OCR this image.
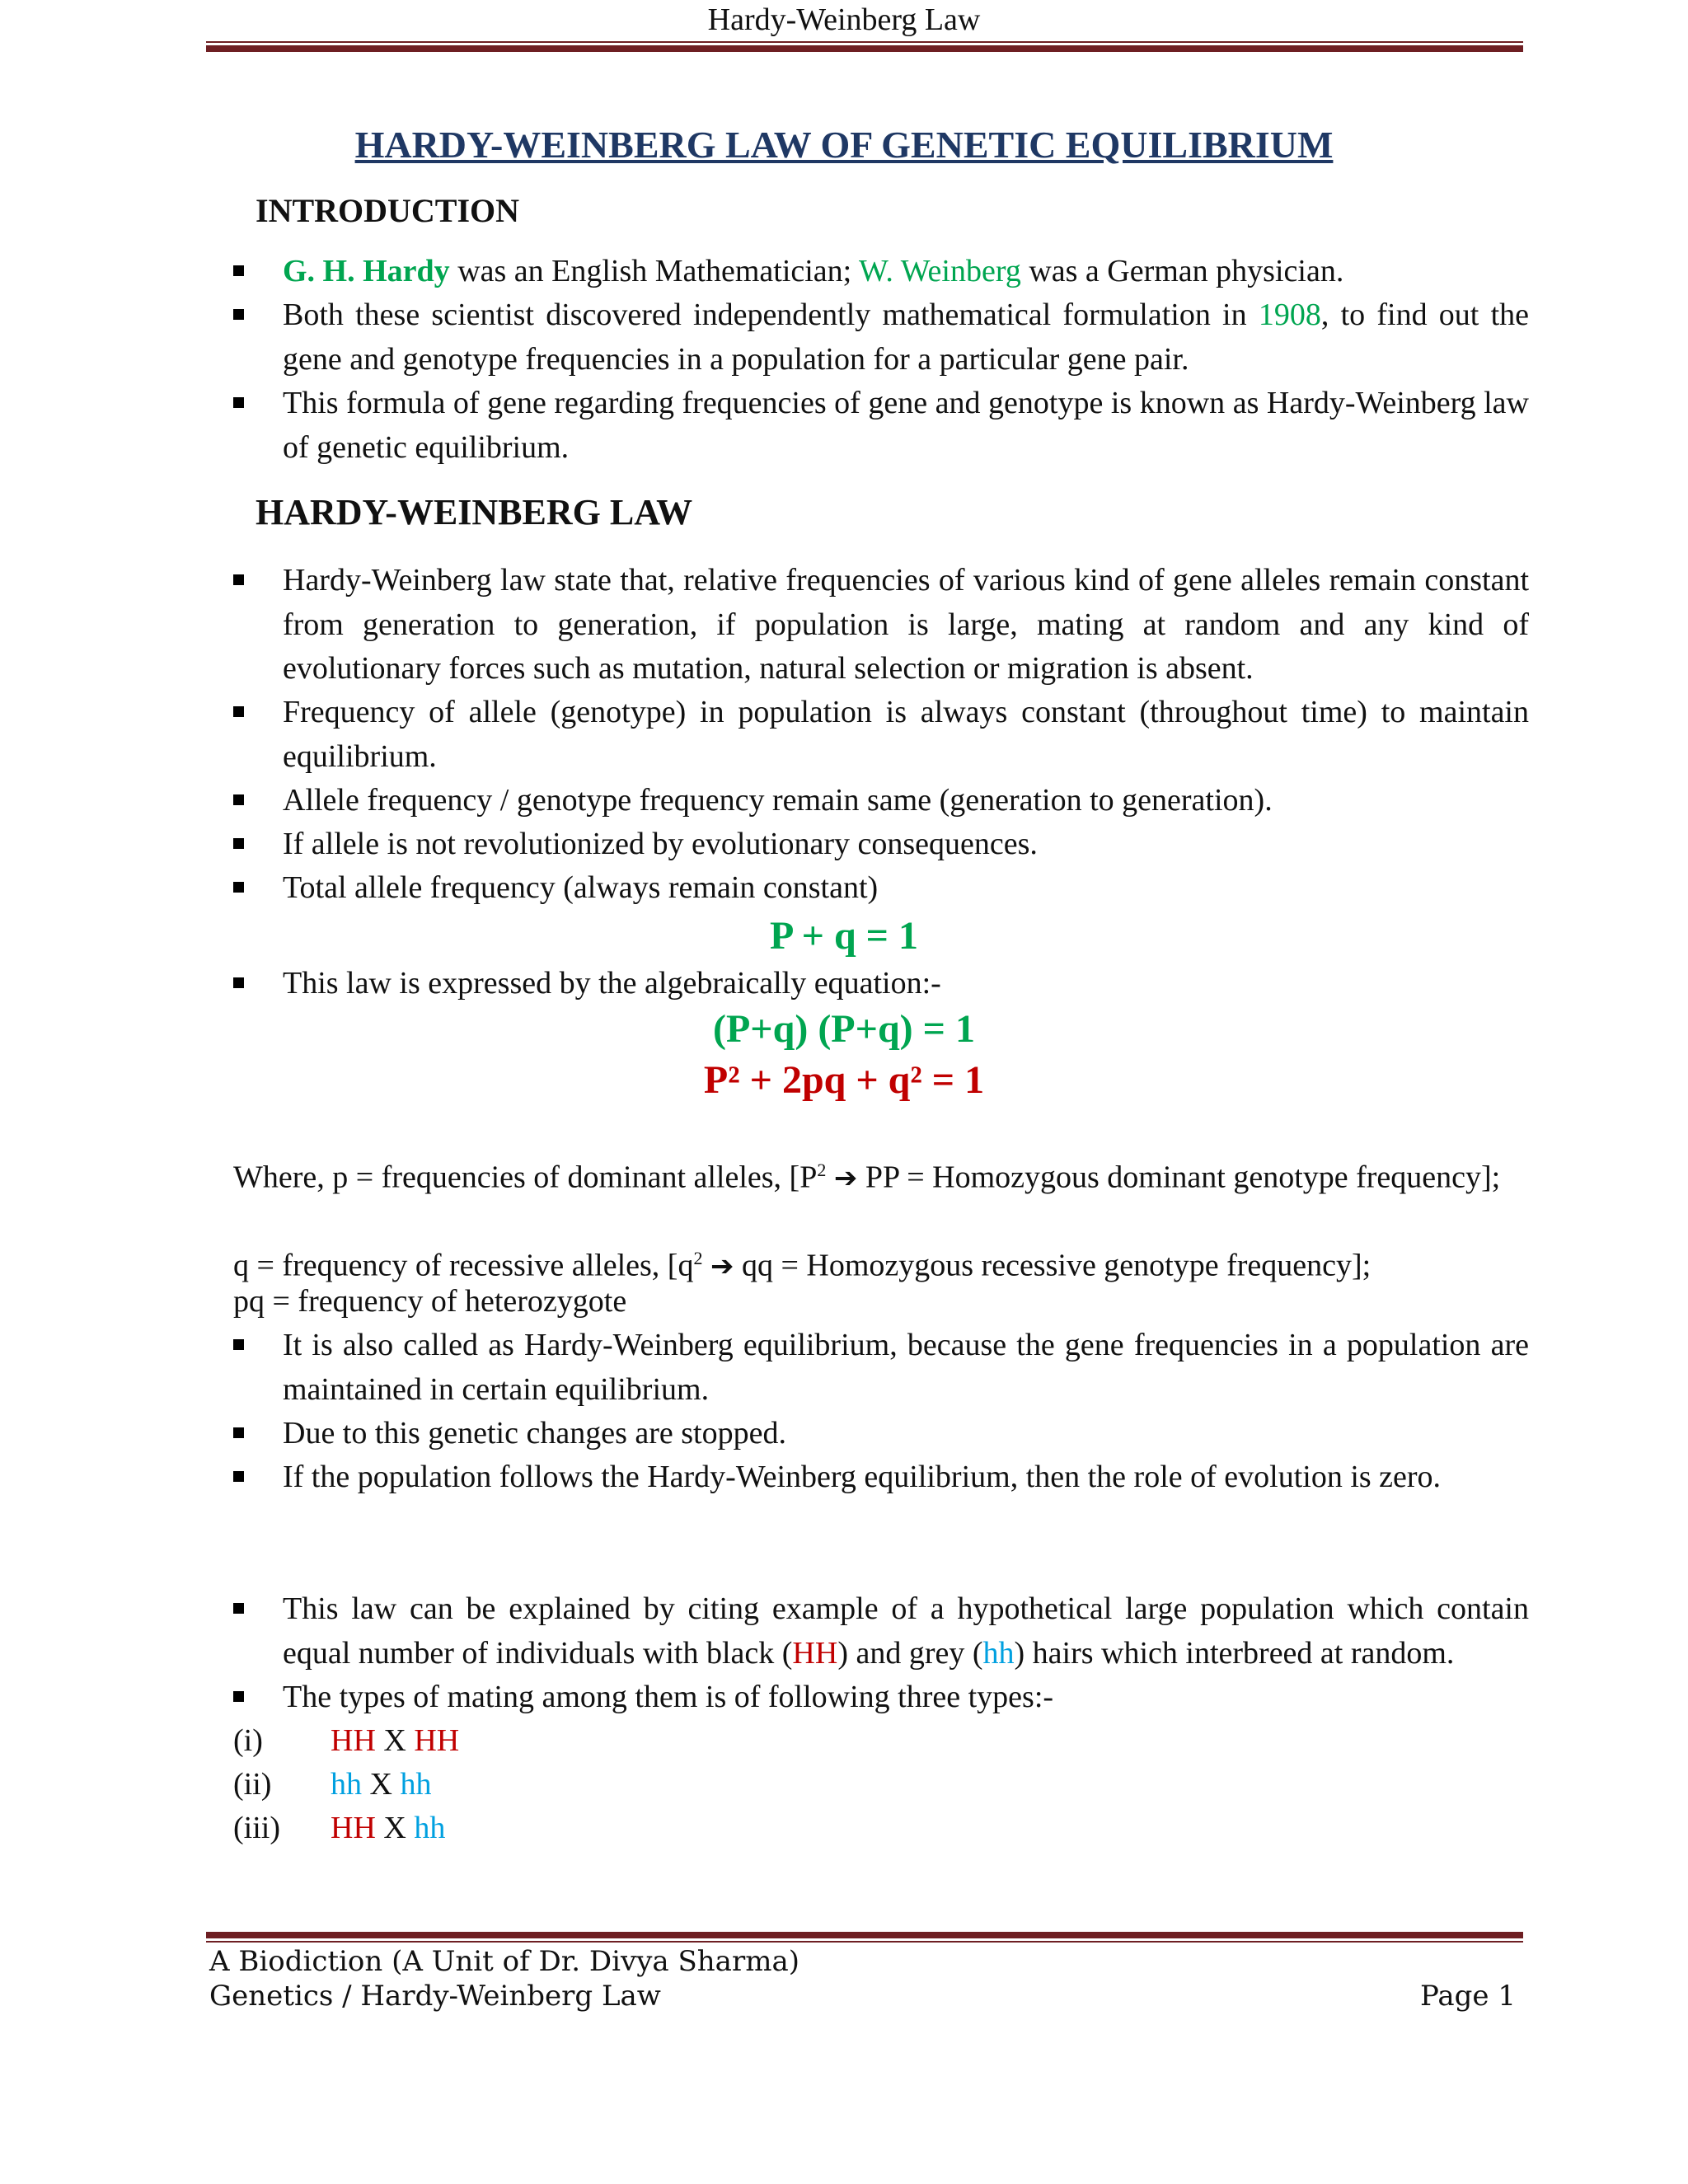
Hardy-Weinberg Law
HARDY-WEINBERG LAW OF GENETIC EQUILIBRIUM
INTRODUCTION
G. H. Hardy was an English Mathematician; W. Weinberg was a German physician.
Both these scientist discovered independently mathematical formulation in 1908, to find out the gene and genotype frequencies in a population for a particular gene pair.
This formula of gene regarding frequencies of gene and genotype is known as Hardy-Weinberg law of genetic equilibrium.
HARDY-WEINBERG LAW
Hardy-Weinberg law state that, relative frequencies of various kind of gene alleles remain constant from generation to generation, if population is large, mating at random and any kind of evolutionary forces such as mutation, natural selection or migration is absent.
Frequency of allele (genotype) in population is always constant (throughout time) to maintain equilibrium.
Allele frequency / genotype frequency remain same (generation to generation).
If allele is not revolutionized by evolutionary consequences.
Total allele frequency (always remain constant)
P + q = 1
This law is expressed by the algebraically equation:-
(P+q) (P+q) = 1
P² + 2pq + q² = 1
Where, p = frequencies of dominant alleles, [$P^2$ ➔ PP = Homozygous dominant genotype frequency];
q = frequency of recessive alleles, [$q^2$ ➔ qq = Homozygous recessive genotype frequency];
pq = frequency of heterozygote
It is also called as Hardy-Weinberg equilibrium, because the gene frequencies in a population are maintained in certain equilibrium.
Due to this genetic changes are stopped.
If the population follows the Hardy-Weinberg equilibrium, then the role of evolution is zero.
This law can be explained by citing example of a hypothetical large population which contain equal number of individuals with black (HH) and grey (hh) hairs which interbreed at random.
The types of mating among them is of following three types:-
(i) HH X HH
(ii) hh X hh
(iii) HH X hh
A Biodiction (A Unit of Dr. Divya Sharma)
Genetics / Hardy-Weinberg Law	Page 1
